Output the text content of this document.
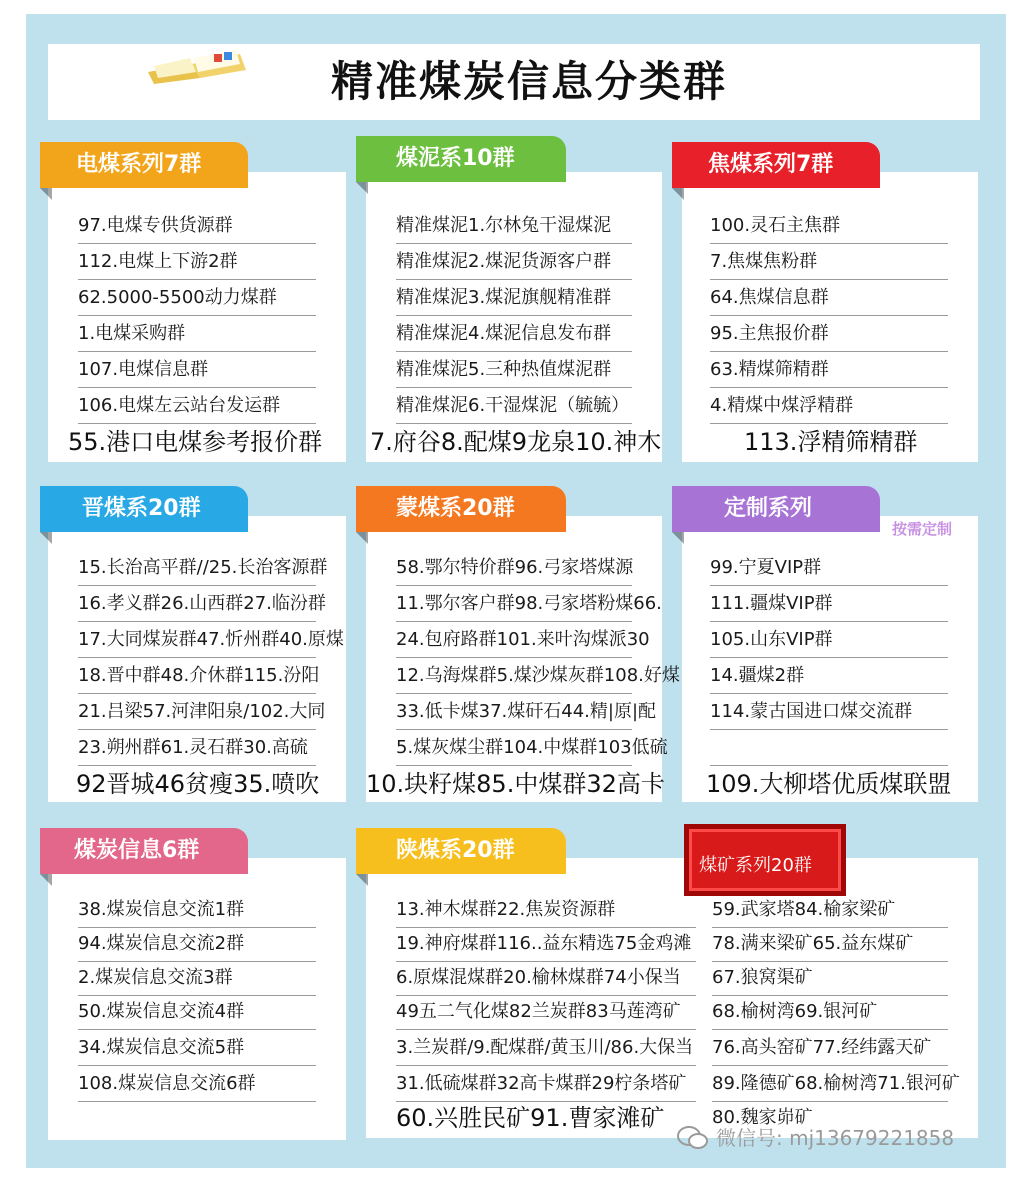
精准煤炭信息分类群
电煤系列7群	煤泥系10群	焦煤系列7群
晋煤系20群	蒙煤系20群	定制系列
按需定制
煤炭信息6群	陕煤系20群
煤矿系列20群
97.电煤专供货源群
112.电煤上下游2群
62.5000-5500动力煤群
1.电煤采购群
107.电煤信息群
106.电煤左云站台发运群
55.港口电煤参考报价群
精准煤泥1.尔林兔干湿煤泥
精准煤泥2.煤泥货源客户群
精准煤泥3.煤泥旗舰精准群
精准煤泥4.煤泥信息发布群
精准煤泥5.三种热值煤泥群
精准煤泥6.干湿煤泥（毓毓）
7.府谷8.配煤9龙泉10.神木
100.灵石主焦群
7.焦煤焦粉群
64.焦煤信息群
95.主焦报价群
63.精煤筛精群
4.精煤中煤浮精群
113.浮精筛精群
15.长治高平群//25.长治客源群
16.孝义群26.山西群27.临汾群
17.大同煤炭群47.忻州群40.原煤
18.晋中群48.介休群115.汾阳
21.吕梁57.河津阳泉/102.大同
23.朔州群61.灵石群30.高硫
92晋城46贫瘦35.喷吹
58.鄂尔特价群96.弓家塔煤源
11.鄂尔客户群98.弓家塔粉煤66.
24.包府路群101.来叶沟煤派30
12.乌海煤群5.煤沙煤灰群108.好煤
33.低卡煤37.煤矸石44.精|原|配
5.煤灰煤尘群104.中煤群103低硫
10.块籽煤85.中煤群32高卡
99.宁夏VIP群
111.疆煤VIP群
105.山东VIP群
14.疆煤2群
114.蒙古国进口煤交流群
109.大柳塔优质煤联盟
38.煤炭信息交流1群
94.煤炭信息交流2群
2.煤炭信息交流3群
50.煤炭信息交流4群
34.煤炭信息交流5群
108.煤炭信息交流6群
13.神木煤群22.焦炭资源群
19.神府煤群116..益东精选75金鸡滩
6.原煤混煤群20.榆林煤群74小保当
49五二气化煤82兰炭群83马莲湾矿
3.兰炭群/9.配煤群/黄玉川/86.大保当
31.低硫煤群32高卡煤群29柠条塔矿
60.兴胜民矿91.曹家滩矿
59.武家塔84.榆家梁矿
78.满来梁矿65.益东煤矿
67.狼窝渠矿
68.榆树湾69.银河矿
76.高头窑矿77.经纬露天矿
89.隆德矿68.榆树湾71.银河矿
80.魏家峁矿
微信号: mj13679221858
